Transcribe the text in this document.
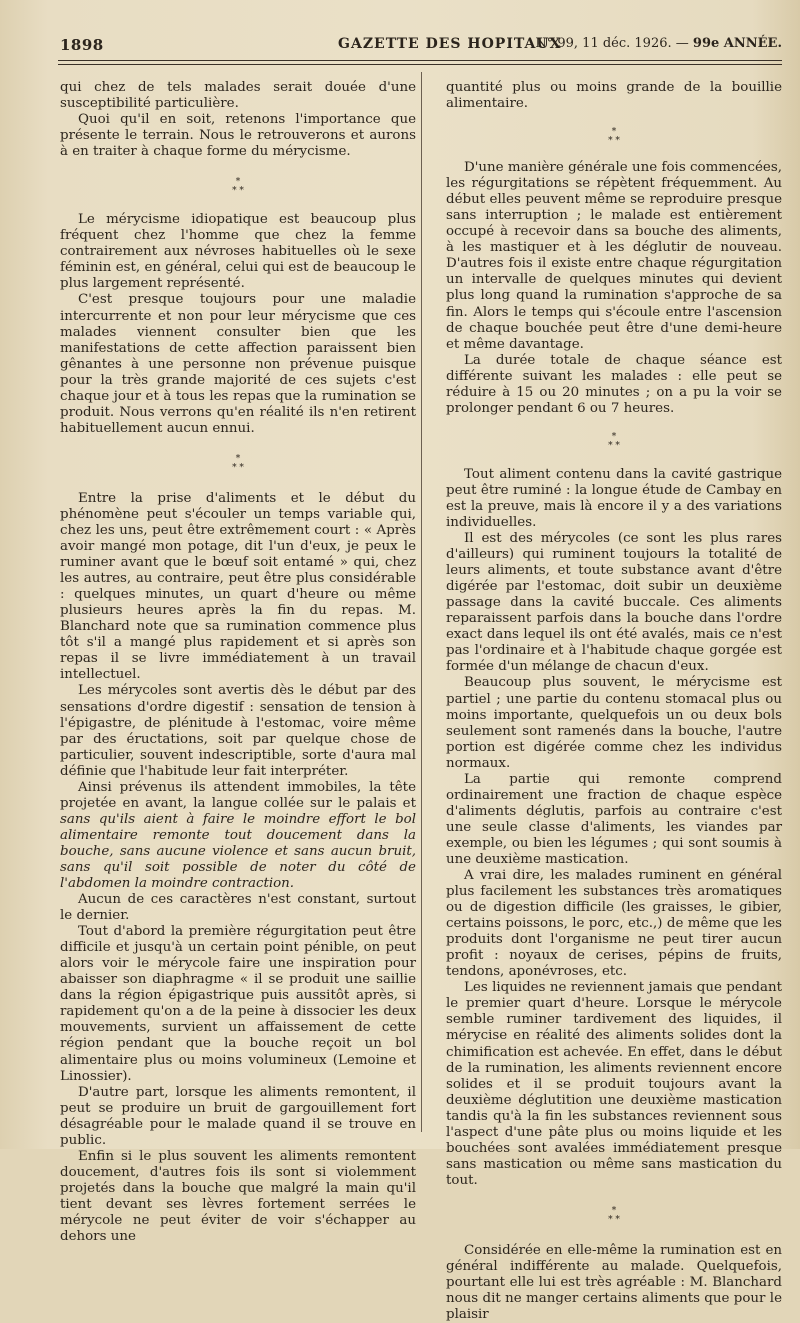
1898	GAZETTE DES HOPITAUX
N° 99, 11 déc. 1926. — 99e ANNÉE.

qui chez de tels malades serait douée d'une susceptibilité particulière.

Quoi qu'il en soit, retenons l'importance que présente le terrain. Nous le retrouverons et aurons à en traiter à chaque forme du mérycisme.

*
* *

Le mérycisme idiopatique est beaucoup plus fréquent chez l'homme que chez la femme contrairement aux névroses habituelles où le sexe féminin est, en général, celui qui est de beaucoup le plus largement représenté.

C'est presque toujours pour une maladie intercurrente et non pour leur mérycisme que ces malades viennent consulter bien que les manifestations de cette affection paraissent bien gênantes à une personne non prévenue puisque pour la très grande majorité de ces sujets c'est chaque jour et à tous les repas que la rumination se produit. Nous verrons qu'en réalité ils n'en retirent habituellement aucun ennui.

*
* *

Entre la prise d'aliments et le début du phénomène peut s'écouler un temps variable qui, chez les uns, peut être extrêmement court : « Après avoir mangé mon potage, dit l'un d'eux, je peux le ruminer avant que le bœuf soit entamé » qui, chez les autres, au contraire, peut être plus considérable : quelques minutes, un quart d'heure ou même plusieurs heures après la fin du repas. M. Blanchard note que sa rumination commence plus tôt s'il a mangé plus rapidement et si après son repas il se livre immédiatement à un travail intellectuel.

Les mérycoles sont avertis dès le début par des sensations d'ordre digestif : sensation de tension à l'épigastre, de plénitude à l'estomac, voire même par des éructations, soit par quelque chose de particulier, souvent indescriptible, sorte d'aura mal définie que l'habitude leur fait interpréter.

Ainsi prévenus ils attendent immobiles, la tête projetée en avant, la langue collée sur le palais et sans qu'ils aient à faire le moindre effort le bol alimentaire remonte tout doucement dans la bouche, sans aucune violence et sans aucun bruit, sans qu'il soit possible de noter du côté de l'abdomen la moindre contraction.

Aucun de ces caractères n'est constant, surtout le dernier.

Tout d'abord la première régurgitation peut être difficile et jusqu'à un certain point pénible, on peut alors voir le mérycole faire une inspiration pour abaisser son diaphragme « il se produit une saillie dans la région épigastrique puis aussitôt après, si rapidement qu'on a de la peine à dissocier les deux mouvements, survient un affaissement de cette région pendant que la bouche reçoit un bol alimentaire plus ou moins volumineux (Lemoine et Linossier).

D'autre part, lorsque les aliments remontent, il peut se produire un bruit de gargouillement fort désagréable pour le malade quand il se trouve en public.

Enfin si le plus souvent les aliments remontent doucement, d'autres fois ils sont si violemment projetés dans la bouche que malgré la main qu'il tient devant ses lèvres fortement serrées le mérycole ne peut éviter de voir s'échapper au dehors une

quantité plus ou moins grande de la bouillie alimentaire.

*
* *

D'une manière générale une fois commencées, les régurgitations se répètent fréquemment. Au début elles peuvent même se reproduire presque sans interruption ; le malade est entièrement occupé à recevoir dans sa bouche des aliments, à les mastiquer et à les déglutir de nouveau. D'autres fois il existe entre chaque régurgitation un intervalle de quelques minutes qui devient plus long quand la rumination s'approche de sa fin. Alors le temps qui s'écoule entre l'ascension de chaque bouchée peut être d'une demi-heure et même davantage.

La durée totale de chaque séance est différente suivant les malades : elle peut se réduire à 15 ou 20 minutes ; on a pu la voir se prolonger pendant 6 ou 7 heures.

*
* *

Tout aliment contenu dans la cavité gastrique peut être ruminé : la longue étude de Cambay en est la preuve, mais là encore il y a des variations individuelles.

Il est des mérycoles (ce sont les plus rares d'ailleurs) qui ruminent toujours la totalité de leurs aliments, et toute substance avant d'être digérée par l'estomac, doit subir un deuxième passage dans la cavité buccale. Ces aliments reparaissent parfois dans la bouche dans l'ordre exact dans lequel ils ont été avalés, mais ce n'est pas l'ordinaire et à l'habitude chaque gorgée est formée d'un mélange de chacun d'eux.

Beaucoup plus souvent, le mérycisme est partiel ; une partie du contenu stomacal plus ou moins importante, quelquefois un ou deux bols seulement sont ramenés dans la bouche, l'autre portion est digérée comme chez les individus normaux.

La partie qui remonte comprend ordinairement une fraction de chaque espèce d'aliments déglutis, parfois au contraire c'est une seule classe d'aliments, les viandes par exemple, ou bien les légumes ; qui sont soumis à une deuxième mastication.

A vrai dire, les malades ruminent en général plus facilement les substances très aromatiques ou de digestion difficile (les graisses, le gibier, certains poissons, le porc, etc.,) de même que les produits dont l'organisme ne peut tirer aucun profit : noyaux de cerises, pépins de fruits, tendons, aponévroses, etc.

Les liquides ne reviennent jamais que pendant le premier quart d'heure. Lorsque le mérycole semble ruminer tardivement des liquides, il mérycise en réalité des aliments solides dont la chimification est achevée. En effet, dans le début de la rumination, les aliments reviennent encore solides et il se produit toujours avant la deuxième déglutition une deuxième mastication tandis qu'à la fin les substances reviennent sous l'aspect d'une pâte plus ou moins liquide et les bouchées sont avalées immédiatement presque sans mastication ou même sans mastication du tout.

*
* *

Considérée en elle-même la rumination est en général indifférente au malade. Quelquefois, pourtant elle lui est très agréable : M. Blanchard nous dit ne manger certains aliments que pour le plaisir
